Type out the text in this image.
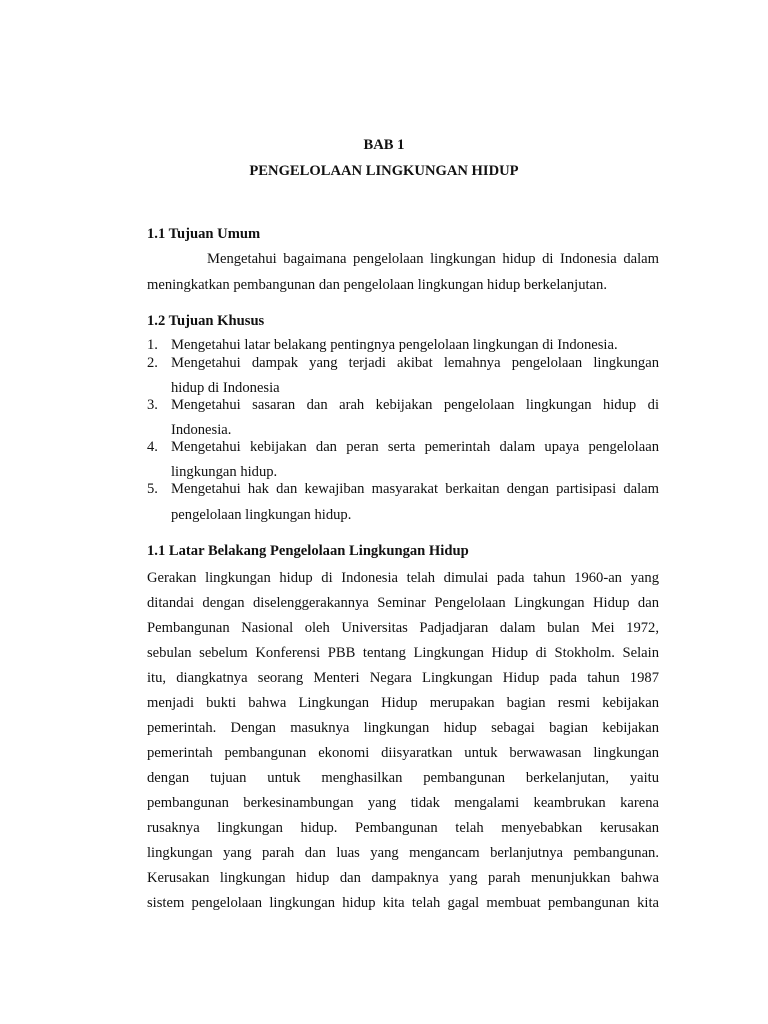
BAB 1
PENGELOLAAN LINGKUNGAN HIDUP
1.1 Tujuan Umum
Mengetahui bagaimana pengelolaan lingkungan hidup di Indonesia dalam
meningkatkan pembangunan dan pengelolaan lingkungan hidup berkelanjutan.
1.2 Tujuan Khusus
1. Mengetahui latar belakang pentingnya pengelolaan lingkungan di Indonesia.
2. Mengetahui dampak yang terjadi akibat lemahnya pengelolaan lingkungan
hidup di Indonesia
3. Mengetahui sasaran dan arah kebijakan pengelolaan lingkungan hidup di
Indonesia.
4. Mengetahui kebijakan dan peran serta pemerintah dalam upaya pengelolaan
lingkungan hidup.
5. Mengetahui hak dan kewajiban masyarakat berkaitan dengan partisipasi dalam
pengelolaan lingkungan hidup.
1.1 Latar Belakang Pengelolaan Lingkungan Hidup
Gerakan lingkungan hidup di Indonesia telah dimulai pada tahun 1960-an yang
ditandai dengan diselenggerakannya Seminar Pengelolaan Lingkungan Hidup dan
Pembangunan Nasional oleh Universitas Padjadjaran dalam bulan Mei 1972,
sebulan sebelum Konferensi PBB tentang Lingkungan Hidup di Stokholm. Selain
itu, diangkatnya seorang Menteri Negara Lingkungan Hidup pada tahun 1987
menjadi bukti bahwa Lingkungan Hidup merupakan bagian resmi kebijakan
pemerintah. Dengan masuknya lingkungan hidup sebagai bagian kebijakan
pemerintah pembangunan ekonomi diisyaratkan untuk berwawasan lingkungan
dengan tujuan untuk menghasilkan pembangunan berkelanjutan, yaitu
pembangunan berkesinambungan yang tidak mengalami keambrukan karena
rusaknya lingkungan hidup. Pembangunan telah menyebabkan kerusakan
lingkungan yang parah dan luas yang mengancam berlanjutnya pembangunan.
Kerusakan lingkungan hidup dan dampaknya yang parah menunjukkan bahwa
sistem pengelolaan lingkungan hidup kita telah gagal membuat pembangunan kita
